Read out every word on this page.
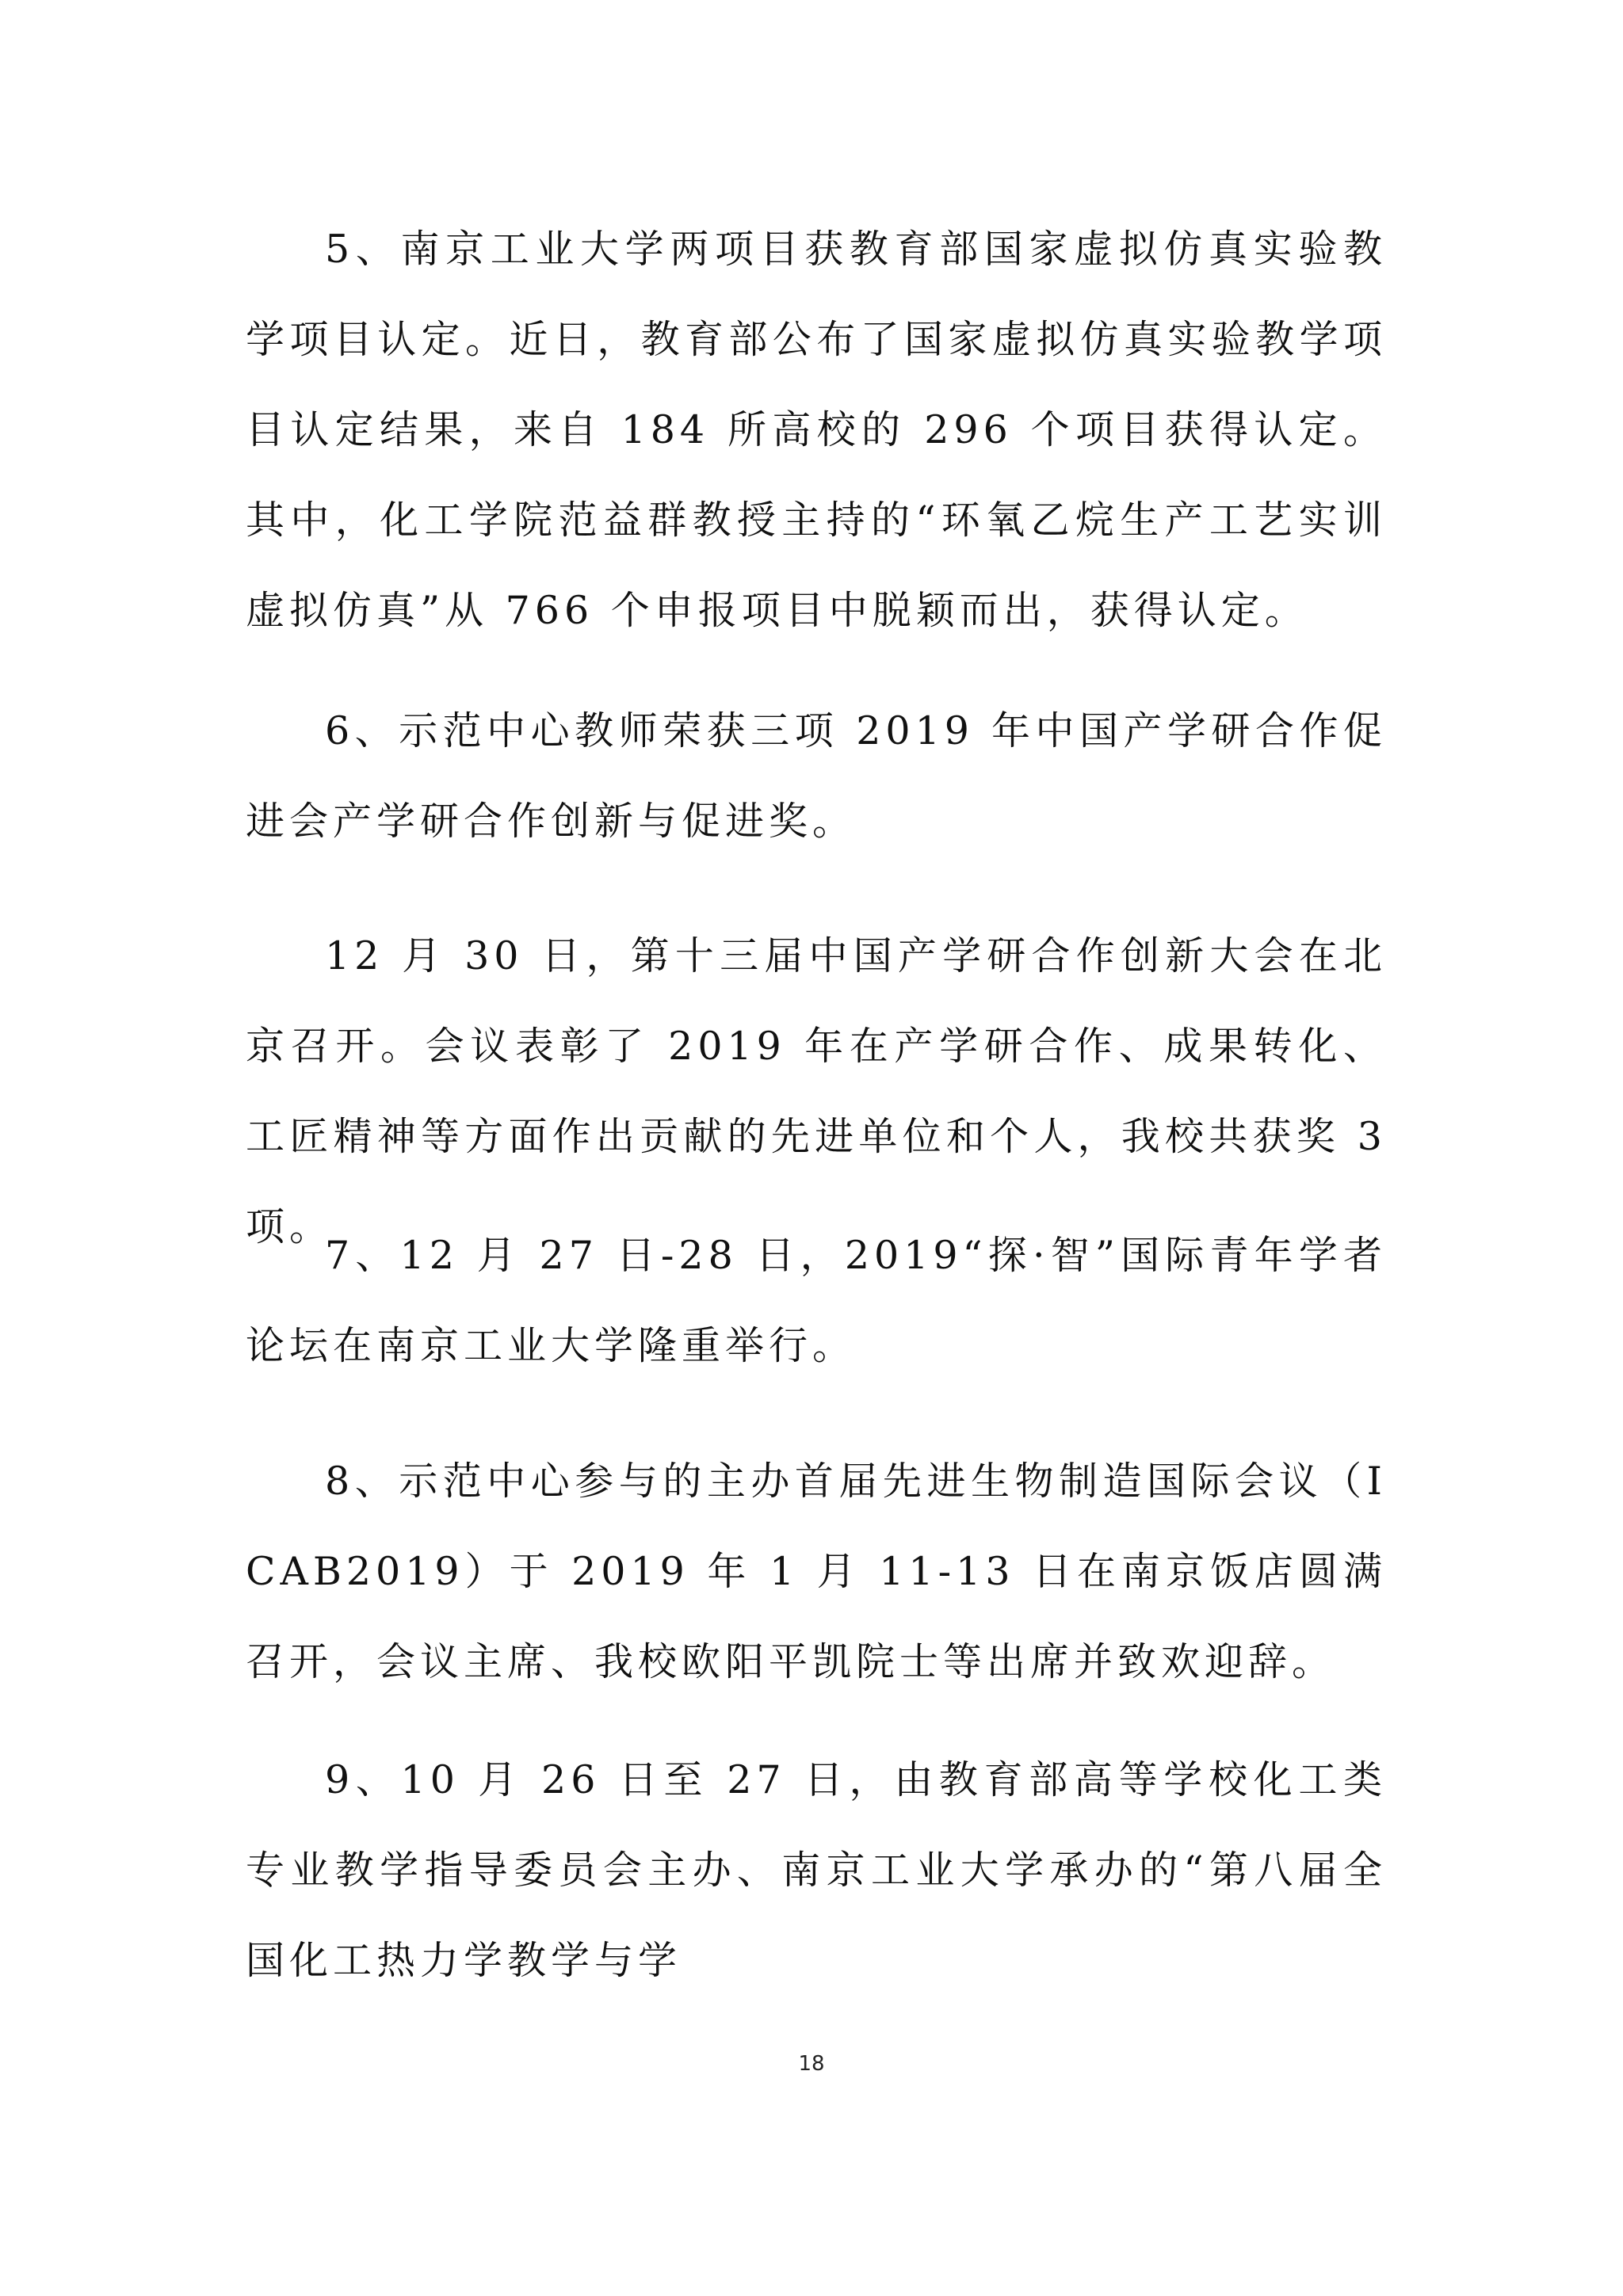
5、南京工业大学两项目获教育部国家虚拟仿真实验教学项目认定。近日，教育部公布了国家虚拟仿真实验教学项目认定结果，来自 184 所高校的 296 个项目获得认定。其中，化工学院范益群教授主持的“环氧乙烷生产工艺实训虚拟仿真”从 766 个申报项目中脱颖而出，获得认定。

6、示范中心教师荣获三项 2019 年中国产学研合作促进会产学研合作创新与促进奖。

12 月 30 日，第十三届中国产学研合作创新大会在北京召开。会议表彰了 2019 年在产学研合作、成果转化、工匠精神等方面作出贡献的先进单位和个人，我校共获奖 3 项。

7、12 月 27 日-28 日，2019“探·智”国际青年学者论坛在南京工业大学隆重举行。

8、示范中心参与的主办首届先进生物制造国际会议（ICAB2019）于 2019 年 1 月 11-13 日在南京饭店圆满召开，会议主席、我校欧阳平凯院士等出席并致欢迎辞。

9、10 月 26 日至 27 日，由教育部高等学校化工类专业教学指导委员会主办、南京工业大学承办的“第八届全国化工热力学教学与学

18
